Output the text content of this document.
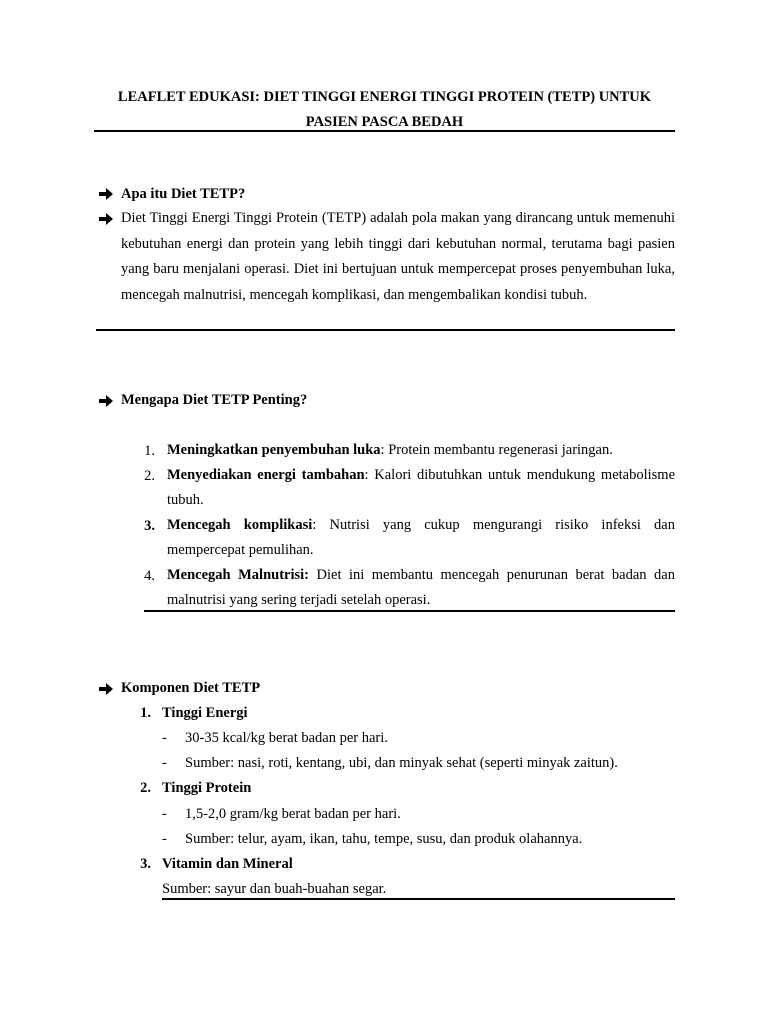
LEAFLET EDUKASI: DIET TINGGI ENERGI TINGGI PROTEIN (TETP) UNTUK
PASIEN PASCA BEDAH
Apa itu Diet TETP?
Diet Tinggi Energi Tinggi Protein (TETP) adalah pola makan yang dirancang untuk memenuhi kebutuhan energi dan protein yang lebih tinggi dari kebutuhan normal, terutama bagi pasien yang baru menjalani operasi. Diet ini bertujuan untuk mempercepat proses penyembuhan luka, mencegah malnutrisi, mencegah komplikasi, dan mengembalikan kondisi tubuh.
Mengapa Diet TETP Penting?
1. Meningkatkan penyembuhan luka: Protein membantu regenerasi jaringan.
2. Menyediakan energi tambahan: Kalori dibutuhkan untuk mendukung metabolisme tubuh.
3. Mencegah komplikasi: Nutrisi yang cukup mengurangi risiko infeksi dan mempercepat pemulihan.
4. Mencegah Malnutrisi: Diet ini membantu mencegah penurunan berat badan dan malnutrisi yang sering terjadi setelah operasi.
Komponen Diet TETP
1. Tinggi Energi
- 30-35 kcal/kg berat badan per hari.
- Sumber: nasi, roti, kentang, ubi, dan minyak sehat (seperti minyak zaitun).
2. Tinggi Protein
- 1,5-2,0 gram/kg berat badan per hari.
- Sumber: telur, ayam, ikan, tahu, tempe, susu, dan produk olahannya.
3. Vitamin dan Mineral
Sumber: sayur dan buah-buahan segar.
